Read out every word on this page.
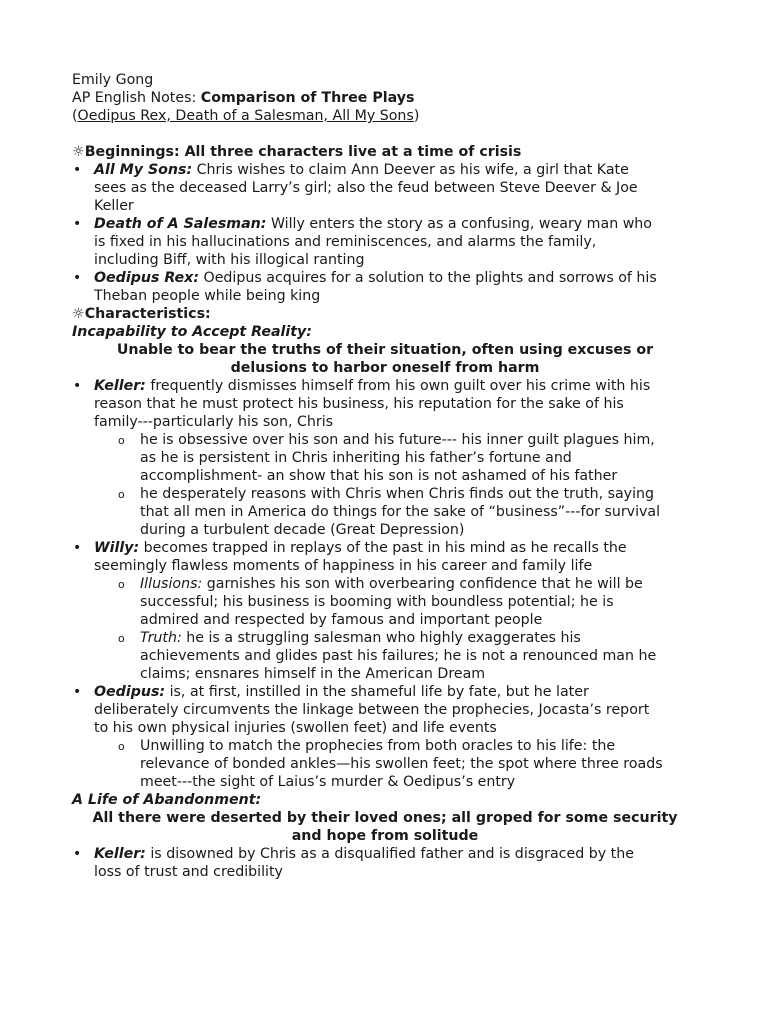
Emily Gong
AP English Notes: Comparison of Three Plays
(Oedipus Rex, Death of a Salesman, All My Sons)
☼Beginnings: All three characters live at a time of crisis
• All My Sons: Chris wishes to claim Ann Deever as his wife, a girl that Kate
sees as the deceased Larry’s girl; also the feud between Steve Deever & Joe
Keller
• Death of A Salesman: Willy enters the story as a confusing, weary man who
is fixed in his hallucinations and reminiscences, and alarms the family,
including Biff, with his illogical ranting
• Oedipus Rex: Oedipus acquires for a solution to the plights and sorrows of his
Theban people while being king
☼Characteristics:
Incapability to Accept Reality:
Unable to bear the truths of their situation, often using excuses or
delusions to harbor oneself from harm
• Keller: frequently dismisses himself from his own guilt over his crime with his
reason that he must protect his business, his reputation for the sake of his
family---particularly his son, Chris
o he is obsessive over his son and his future--- his inner guilt plagues him,
as he is persistent in Chris inheriting his father’s fortune and
accomplishment- an show that his son is not ashamed of his father
o he desperately reasons with Chris when Chris finds out the truth, saying
that all men in America do things for the sake of “business”---for survival
during a turbulent decade (Great Depression)
• Willy: becomes trapped in replays of the past in his mind as he recalls the
seemingly flawless moments of happiness in his career and family life
o Illusions: garnishes his son with overbearing confidence that he will be
successful; his business is booming with boundless potential; he is
admired and respected by famous and important people
o Truth: he is a struggling salesman who highly exaggerates his
achievements and glides past his failures; he is not a renounced man he
claims; ensnares himself in the American Dream
• Oedipus: is, at first, instilled in the shameful life by fate, but he later
deliberately circumvents the linkage between the prophecies, Jocasta’s report
to his own physical injuries (swollen feet) and life events
o Unwilling to match the prophecies from both oracles to his life: the
relevance of bonded ankles—his swollen feet; the spot where three roads
meet---the sight of Laius’s murder & Oedipus’s entry
A Life of Abandonment:
All there were deserted by their loved ones; all groped for some security
and hope from solitude
• Keller: is disowned by Chris as a disqualified father and is disgraced by the
loss of trust and credibility
